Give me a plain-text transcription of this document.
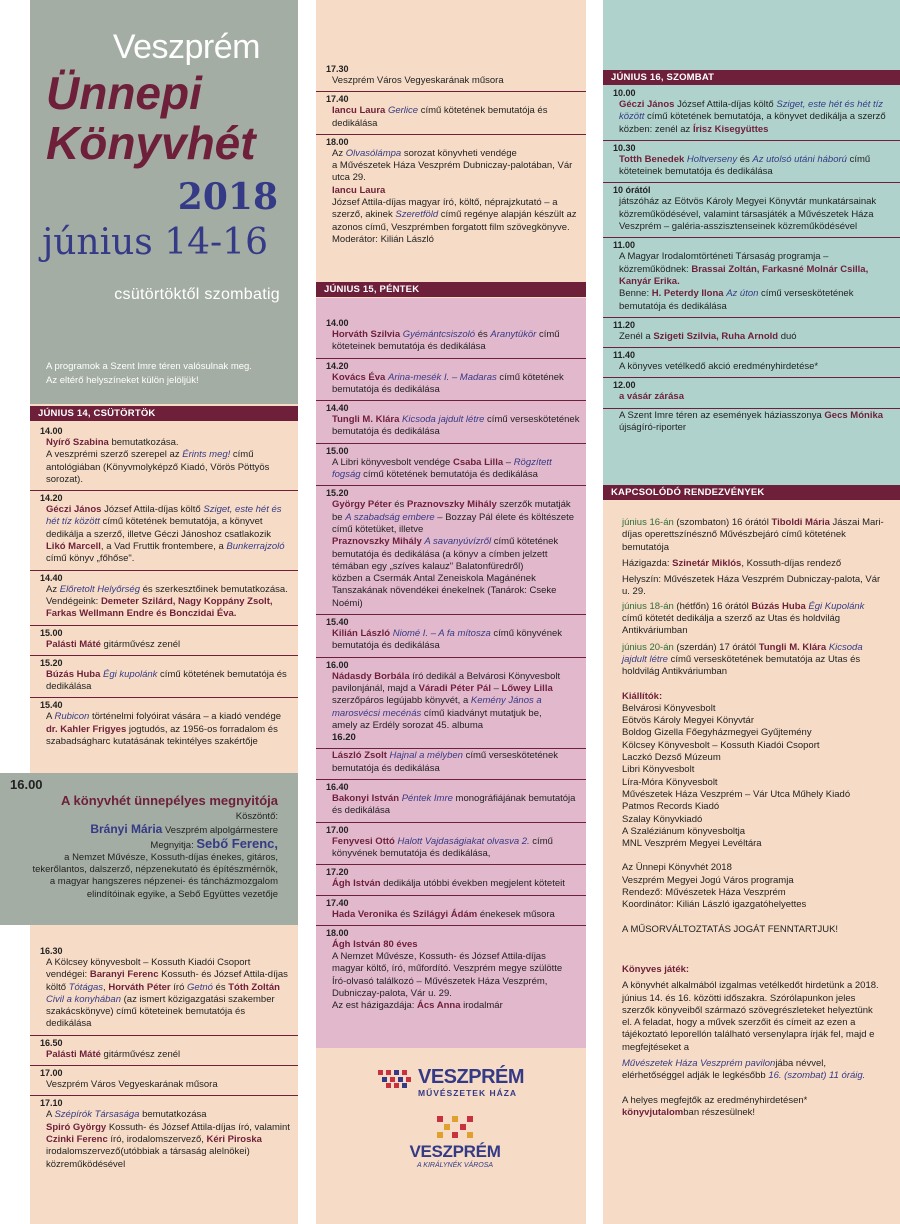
Veszprém
Ünnepi
Könyvhét
2018
június 14-16
csütörtöktől szombatig
A programok a Szent Imre téren valósulnak meg.
Az eltérő helyszíneket külön jelöljük!
JÚNIUS 14, CSÜTÖRTÖK
14.00

Nyírő Szabina bemutatkozása.

A veszprémi szerző szerepel az Érints meg! című antológiában (Könyvmolyképző Kiadó, Vörös Pöttyös sorozat).

14.20

Géczi János József Attila-díjas költő Sziget, este hét és hét tíz között című kötetének bemutatója, a könyvet dedikálja a szerző, illetve Géczi Jánoshoz csatlakozik Likó Marcell, a Vad Fruttik frontembere, a Bunkerrajzoló című könyv „főhőse".

14.40

Az Előretolt Helyőrség és szerkesztőinek bemutatkozása. Vendégeink: Demeter Szilárd, Nagy Koppány Zsolt, Farkas Wellmann Endre és Bonczidai Éva.

15.00

Palásti Máté gitárművész zenél

15.20

Búzás Huba Égi kupolánk című kötetének bemutatója és dedikálása

15.40

A Rubicon történelmi folyóirat vására – a kiadó vendége dr. Kahler Frigyes jogtudós, az 1956-os forradalom és szabadságharc kutatásának tekintélyes szakértője

16.00
A könyvhét ünnepélyes megnyitója
Köszöntő:
Brányi Mária Veszprém alpolgármestere
Megnyitja: Sebő Ferenc,
a Nemzet Művésze, Kossuth-díjas énekes, gitáros, tekerőlantos, dalszerző, népzenekutató és építészmérnök, a magyar hangszeres népzenei- és táncházmozgalom elindítóinak egyike, a Sebő Együttes vezetője
16.30

A Kölcsey könyvesbolt – Kossuth Kiadói Csoport vendégei: Baranyi Ferenc Kossuth- és József Attila-díjas költő Tótágas, Horváth Péter író Getnó és Tóth Zoltán Civil a konyhában (az ismert közigazgatási szakember szakácskönyve) című köteteinek bemutatója és dedikálása

16.50

Palásti Máté gitárművész zenél

17.00

Veszprém Város Vegyeskarának műsora

17.10

A Szépírók Társasága bemutatkozása

Spiró György Kossuth- és József Attila-díjas író, valamint Czinki Ferenc író, irodalomszervező, Kéri Piroska irodalomszervező(utóbbiak a társaság alelnökei) közreműködésével

17.30

Veszprém Város Vegyeskarának műsora

17.40

Iancu Laura Gerlice című kötetének bemutatója és dedikálása

18.00

Az Olvasólámpa sorozat könyvheti vendége

a Művészetek Háza Veszprém Dubniczay-palotában, Vár utca 29.

Iancu Laura

József Attila-díjas magyar író, költő, néprajzkutató – a szerző, akinek Szeretföld című regénye alapján készült az azonos című, Veszprémben forgatott film szövegkönyve.

Moderátor: Kilián László

JÚNIUS 15, PÉNTEK
14.00

Horváth Szilvia Gyémántcsiszoló és Aranytükör című köteteinek bemutatója és dedikálása

14.20

Kovács Éva Arina-mesék I. – Madaras című kötetének bemutatója és dedikálása

14.40

Tungli M. Klára Kicsoda jajdult létre című verseskötetének bemutatója és dedikálása

15.00

A Libri könyvesbolt vendége Csaba Lilla – Rögzített fogság című kötetének bemutatója és dedikálása

15.20

György Péter és Praznovszky Mihály szerzők mutatják be A szabadság embere – Bozzay Pál élete és költészete című kötetüket, illetve

Praznovszky Mihály A savanyúvízről című kötetének bemutatója és dedikálása (a könyv a címben jelzett témában egy „szíves kalauz" Balatonfüredről)

közben a Csermák Antal Zeneiskola Magánének Tanszakának növendékei énekelnek (Tanárok: Cseke Noémi)

15.40

Kilián László Niomé I. – A fa mítosza című könyvének bemutatója és dedikálása

16.00

Nádasdy Borbála író dedikál a Belvárosi Könyvesbolt pavilonjánál, majd a Váradi Péter Pál – Lőwey Lilla szerzőpáros legújabb könyvét, a Kemény János a marosvécsi mecénás című kiadványt mutatjuk be,

amely az Erdély sorozat 45. albuma

16.20

László Zsolt Hajnal a mélyben című verseskötetének bemutatója és dedikálása

16.40

Bakonyi István Péntek Imre monográfiájának bemutatója és dedikálása

17.00

Fenyvesi Ottó Halott Vajdaságiakat olvasva 2. című könyvének bemutatója és dedikálása,

17.20

Ágh István dedikálja utóbbi években megjelent köteteit

17.40

Hada Veronika és Szilágyi Ádám énekesek műsora

18.00

Ágh István 80 éves

A Nemzet Művésze, Kossuth- és József Attila-díjas magyar költő, író, műfordító. Veszprém megye szülötte

Író-olvasó találkozó – Művészetek Háza Veszprém, Dubniczay-palota, Vár u. 29.

Az est házigazdája: Ács Anna irodalmár

VESZPRÉM
MŰVÉSZETEK HÁZA
VESZPRÉM
A KIRÁLYNÉK VÁROSA
JÚNIUS 16, SZOMBAT
10.00

Géczi János József Attila-díjas költő Sziget, este hét és hét tíz között című kötetének bemutatója, a könyvet dedikálja a szerző

közben: zenél az Írisz Kisegyüttes

10.30

Totth Benedek Holtverseny és Az utolsó utáni háború című köteteinek bemutatója és dedikálása

10 órától

játszóház az Eötvös Károly Megyei Könyvtár munkatársainak közreműködésével, valamint társasjáték a Művészetek Háza Veszprém – galéria-asszisztenseinek közreműködésével

11.00

A Magyar Irodalomtörténeti Társaság programja – közreműködnek: Brassai Zoltán, Farkasné Molnár Csilla, Kanyár Erika.

Benne: H. Peterdy Ilona Az úton című verseskötetének bemutatója és dedikálása

11.20

Zenél a Szigeti Szilvia, Ruha Arnold duó

11.40

A könyves vetélkedő akció eredményhirdetése*

12.00

a vásár zárása

A Szent Imre téren az események háziasszonya Gecs Mónika újságíró-riporter

KAPCSOLÓDÓ RENDEZVÉNYEK

június 16-án (szombaton) 16 órától Tiboldi Mária Jászai Mari-díjas operettszínésznő Művészbejáró című kötetének bemutatója

Házigazda: Szinetár Miklós, Kossuth-díjas rendező

Helyszín: Művészetek Háza Veszprém Dubniczay-palota, Vár u. 29.

június 18-án (hétfőn) 16 órától Búzás Huba Égi Kupolánk című kötetét dedikálja a szerző az Utas és holdvilág Antikváriumban

június 20-án (szerdán) 17 órától Tungli M. Klára Kicsoda jajdult létre című verseskötetének bemutatója az Utas és holdvilág Antikváriumban

Kiállítók:

Belvárosi Könyvesbolt

Eötvös Károly Megyei Könyvtár

Boldog Gizella Főegyházmegyei Gyűjtemény

Kölcsey Könyvesbolt – Kossuth Kiadói Csoport

Laczkó Dezső Múzeum

Libri Könyvesbolt

Líra-Móra Könyvesbolt

Művészetek Háza Veszprém – Vár Utca Műhely Kiadó

Patmos Records Kiadó

Szalay Könyvkiadó

A Szaléziánum könyvesboltja

MNL Veszprém Megyei Levéltára

Az Ünnepi Könyvhét 2018

Veszprém Megyei Jogú Város programja

Rendező: Művészetek Háza Veszprém

Koordinátor: Kilián László igazgatóhelyettes

A MŰSORVÁLTOZTATÁS JOGÁT FENNTARTJUK!

Könyves játék:

A könyvhét alkalmából izgalmas vetélkedőt hirdetünk a 2018. június 14. és 16. közötti időszakra. Szórólapunkon jeles szerzők könyveiből származó szövegrészleteket helyeztünk el. A feladat, hogy a művek szerzőit és címeit az ezen a tájékoztató leporellón található versenylapra írják fel, majd e megfejtéseket a

Művészetek Háza Veszprém pavilonjába névvel, elérhetőséggel adják le legkésőbb 16. (szombat) 11 óráig.

A helyes megfejtők az eredményhirdetésen* könyvjutalomban részesülnek!
